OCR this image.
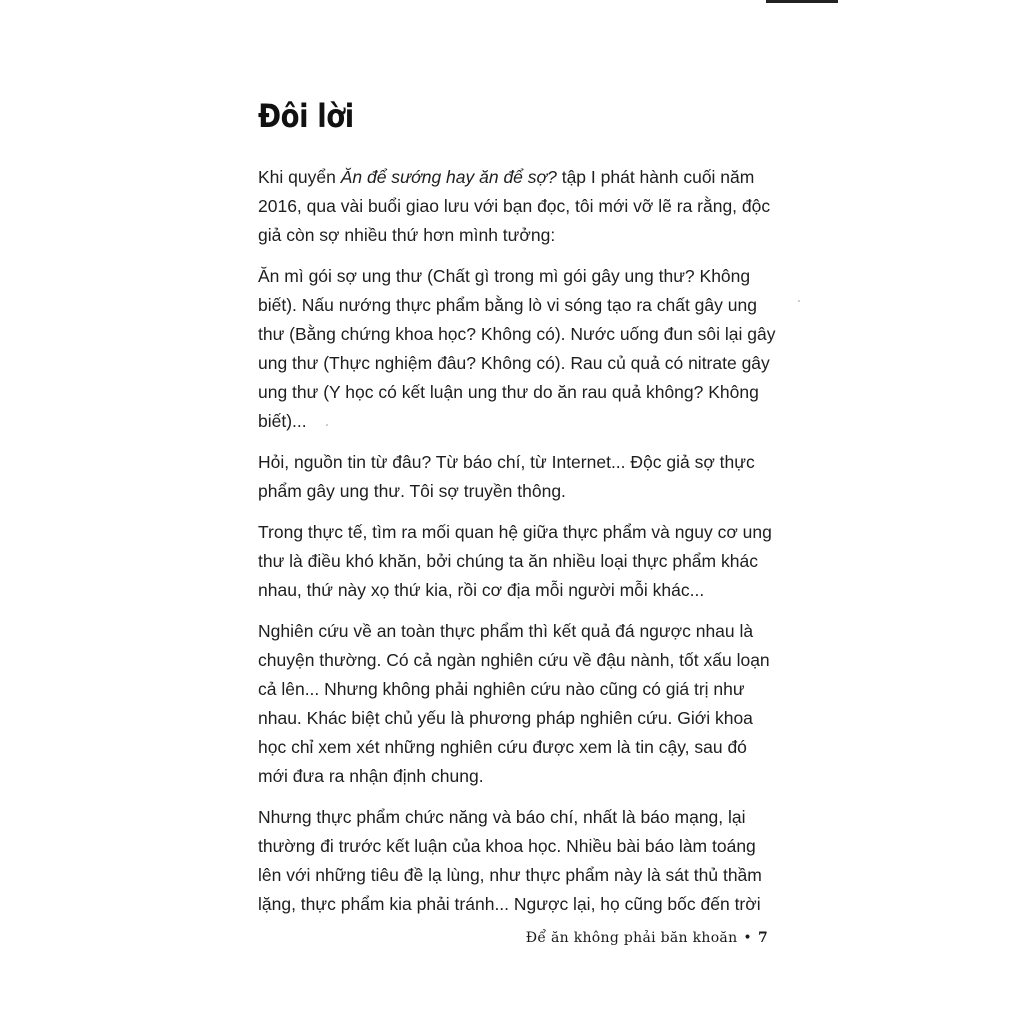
Đôi lời

Khi quyển Ăn để sướng hay ăn để sợ? tập I phát hành cuối năm
2016, qua vài buổi giao lưu với bạn đọc, tôi mới vỡ lẽ ra rằng, độc
giả còn sợ nhiều thứ hơn mình tưởng:

Ăn mì gói sợ ung thư (Chất gì trong mì gói gây ung thư? Không
biết). Nấu nướng thực phẩm bằng lò vi sóng tạo ra chất gây ung
thư (Bằng chứng khoa học? Không có). Nước uống đun sôi lại gây
ung thư (Thực nghiệm đâu? Không có). Rau củ quả có nitrate gây
ung thư (Y học có kết luận ung thư do ăn rau quả không? Không
biết)...

Hỏi, nguồn tin từ đâu? Từ báo chí, từ Internet... Độc giả sợ thực
phẩm gây ung thư. Tôi sợ truyền thông.

Trong thực tế, tìm ra mối quan hệ giữa thực phẩm và nguy cơ ung
thư là điều khó khăn, bởi chúng ta ăn nhiều loại thực phẩm khác
nhau, thứ này xọ thứ kia, rồi cơ địa mỗi người mỗi khác...

Nghiên cứu về an toàn thực phẩm thì kết quả đá ngược nhau là
chuyện thường. Có cả ngàn nghiên cứu về đậu nành, tốt xấu loạn
cả lên... Nhưng không phải nghiên cứu nào cũng có giá trị như
nhau. Khác biệt chủ yếu là phương pháp nghiên cứu. Giới khoa
học chỉ xem xét những nghiên cứu được xem là tin cậy, sau đó
mới đưa ra nhận định chung.

Nhưng thực phẩm chức năng và báo chí, nhất là báo mạng, lại
thường đi trước kết luận của khoa học. Nhiều bài báo làm toáng
lên với những tiêu đề lạ lùng, như thực phẩm này là sát thủ thầm
lặng, thực phẩm kia phải tránh... Ngược lại, họ cũng bốc đến trời

Để ăn không phải băn khoăn • 7
